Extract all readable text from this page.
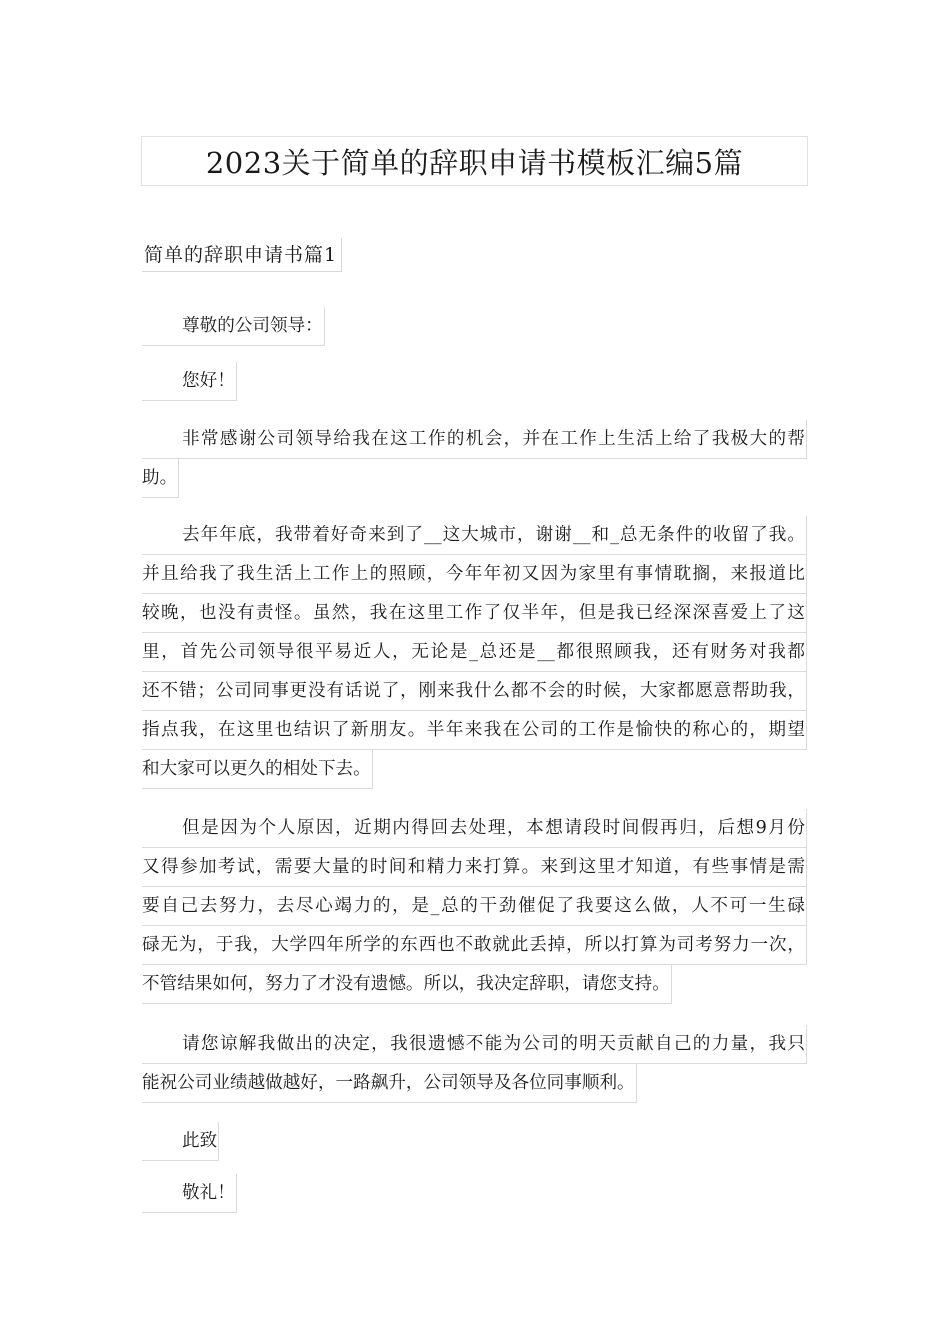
2023关于简单的辞职申请书模板汇编5篇
简单的辞职申请书篇1
尊敬的公司领导：
您好！
非常感谢公司领导给我在这工作的机会，并在工作上生活上给了我极大的帮
助。
去年年底，我带着好奇来到了__这大城市，谢谢__和_总无条件的收留了我。
并且给我了我生活上工作上的照顾，今年年初又因为家里有事情耽搁，来报道比
较晚，也没有责怪。虽然，我在这里工作了仅半年，但是我已经深深喜爱上了这
里，首先公司领导很平易近人，无论是_总还是__都很照顾我，还有财务对我都
还不错；公司同事更没有话说了，刚来我什么都不会的时候，大家都愿意帮助我，
指点我，在这里也结识了新朋友。半年来我在公司的工作是愉快的称心的，期望
和大家可以更久的相处下去。
但是因为个人原因，近期内得回去处理，本想请段时间假再归，后想9月份
又得参加考试，需要大量的时间和精力来打算。来到这里才知道，有些事情是需
要自己去努力，去尽心竭力的，是_总的干劲催促了我要这么做，人不可一生碌
碌无为，于我，大学四年所学的东西也不敢就此丢掉，所以打算为司考努力一次，
不管结果如何，努力了才没有遗憾。所以，我决定辞职，请您支持。
请您谅解我做出的决定，我很遗憾不能为公司的明天贡献自己的力量，我只
能祝公司业绩越做越好，一路飙升，公司领导及各位同事顺利。
此致
敬礼！
